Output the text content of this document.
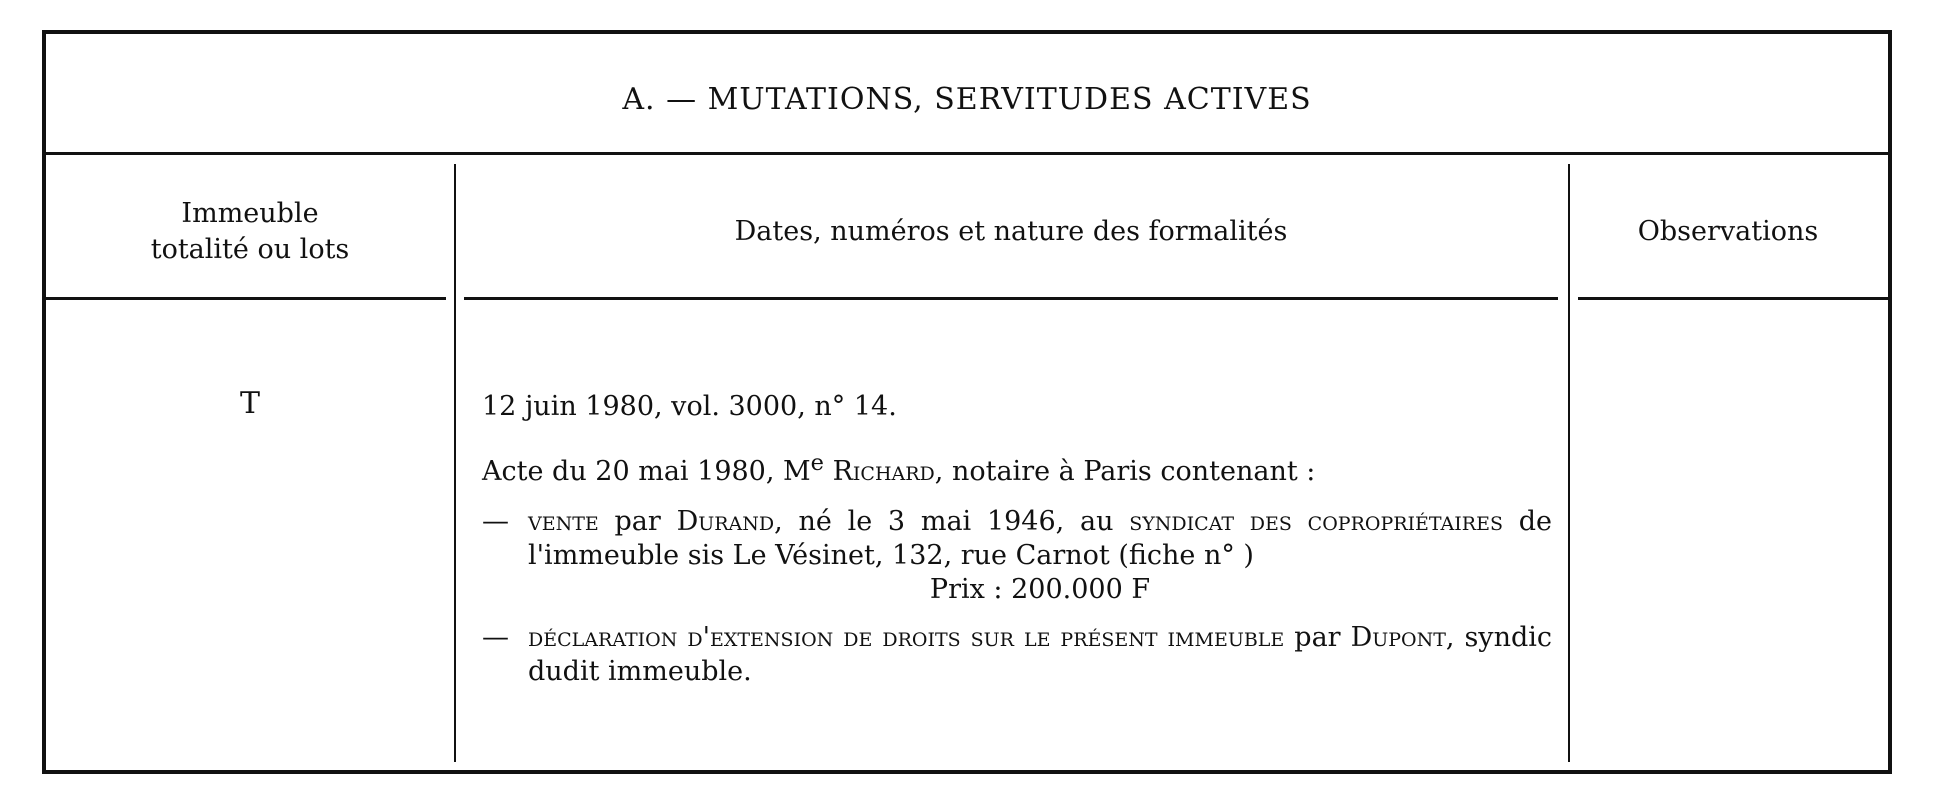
A. — MUTATIONS, SERVITUDES ACTIVES
Immeuble
totalité ou lots
Dates, numéros et nature des formalités	Observations
T	12 juin 1980, vol. 3000, n° 14.

Acte du 20 mai 1980, Me Richard, notaire à Paris contenant :

— vente par Durand, né le 3 mai 1946, au syndicat des copropriétaires de l'immeuble sis Le Vésinet, 132, rue Carnot (fiche n° )
Prix : 200.000 F
— déclaration d'extension de droits sur le présent immeuble par Dupont, syndic dudit immeuble.
